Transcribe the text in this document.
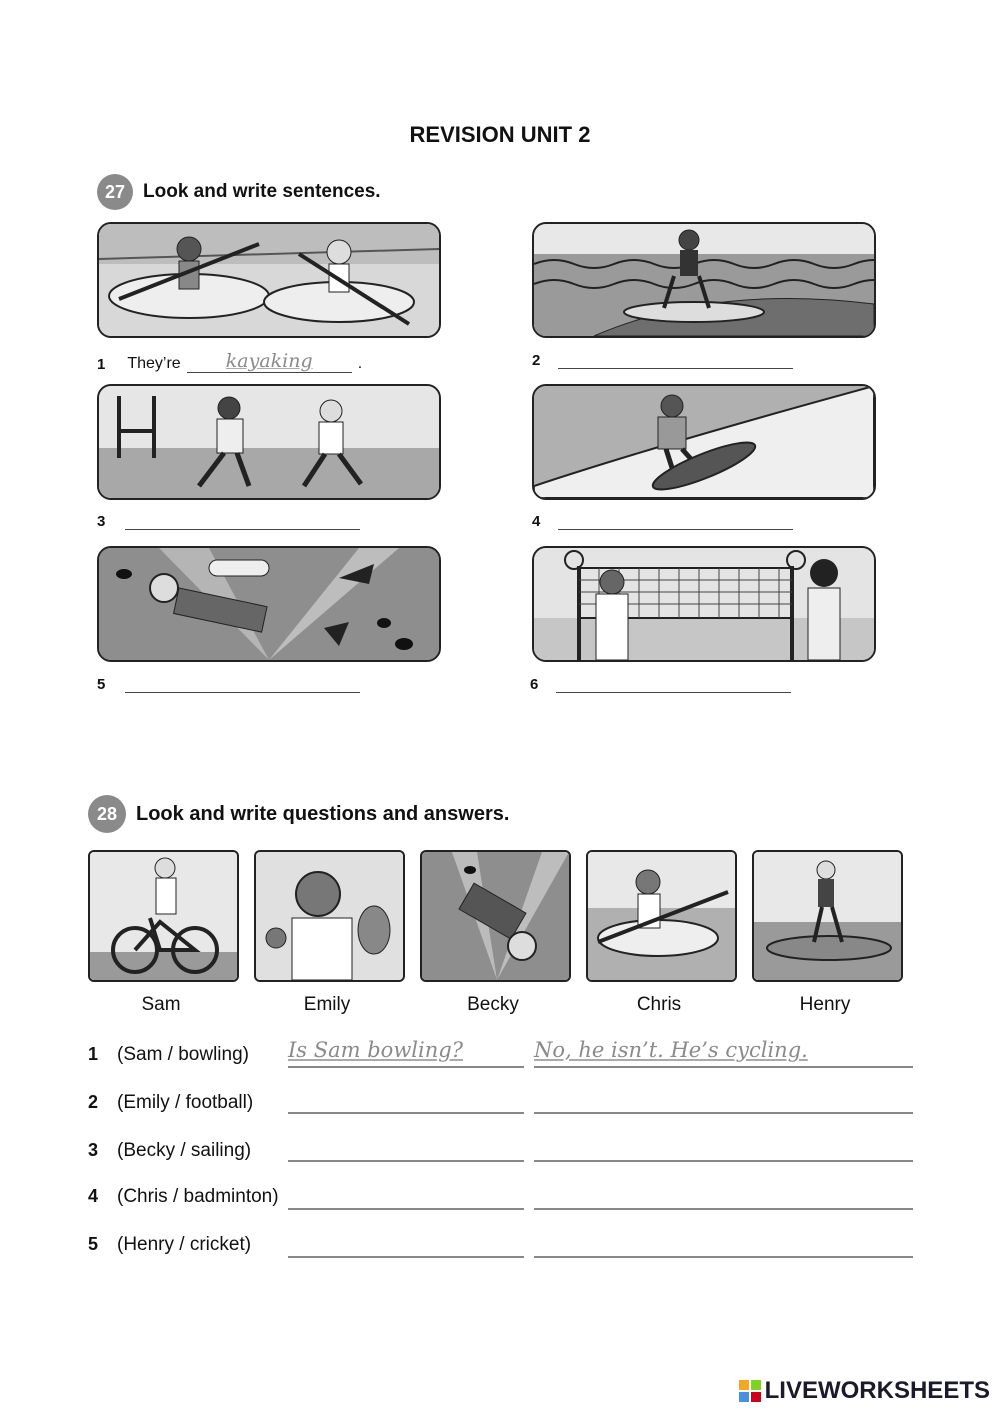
REVISION UNIT 2
27 Look and write sentences.
1 They’re	kayaking	.	2
3	4
5	6
28 Look and write questions and answers.
Sam	Emily	Becky	Chris	Henry
1 (Sam / bowling) Is Sam bowling?	No, he isn’t. He’s cycling.
2 (Emily / football)
3 (Becky / sailing)
4 (Chris / badminton)
5 (Henry / cricket)
LIVEWORKSHEETS
